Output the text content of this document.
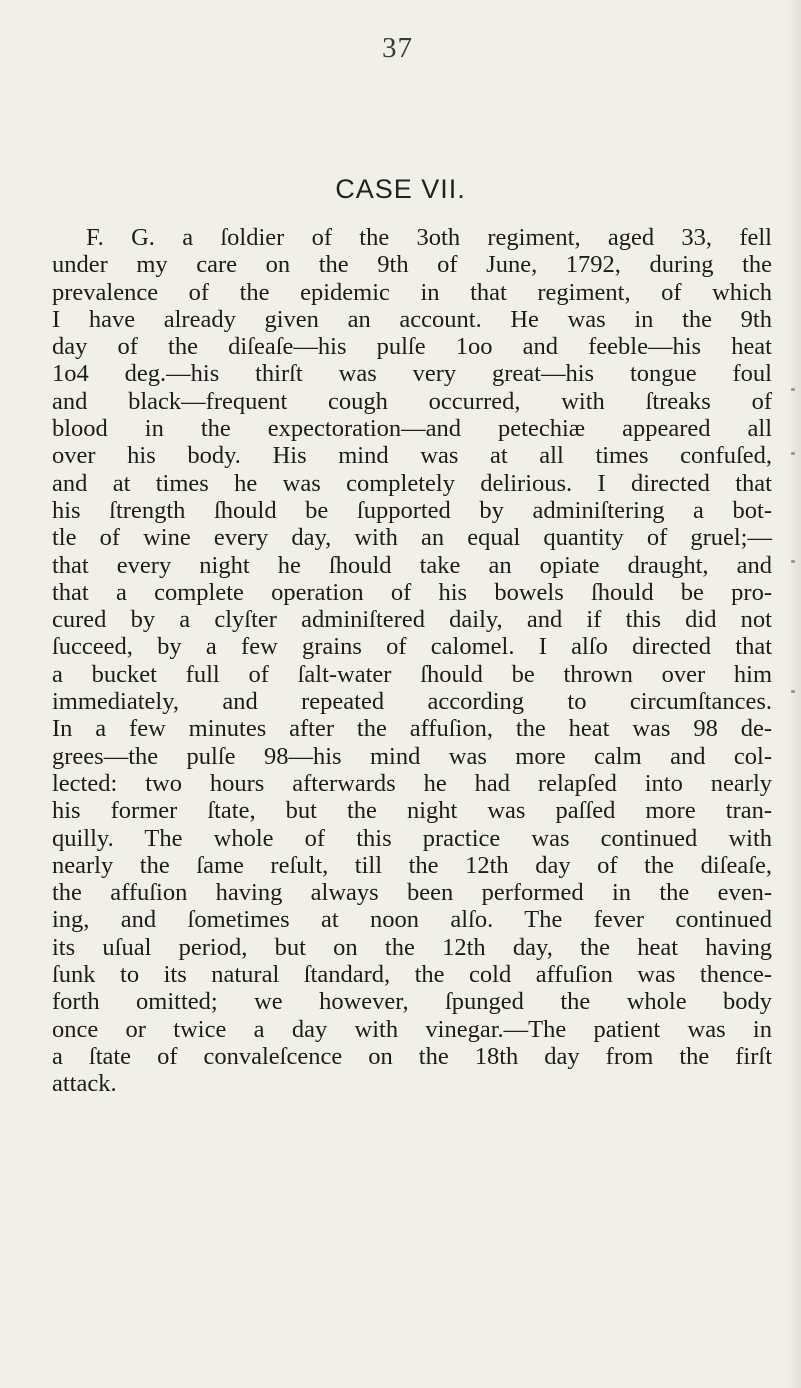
37
CASE VII.
F. G. a ſoldier of the 3oth regiment, aged 33, fell
under my care on the 9th of June, 1792, during the
prevalence of the epidemic in that regiment, of which
I have already given an account. He was in the 9th
day of the diſeaſe—his pulſe 1oo and feeble—his heat
1o4 deg.—his thirſt was very great—his tongue foul
and black—frequent cough occurred, with ſtreaks of
blood in the expectoration—and petechiæ appeared all
over his body. His mind was at all times confuſed,
and at times he was completely delirious. I directed that
his ſtrength ſhould be ſupported by adminiſtering a bot-
tle of wine every day, with an equal quantity of gruel;—
that every night he ſhould take an opiate draught, and
that a complete operation of his bowels ſhould be pro-
cured by a clyſter adminiſtered daily, and if this did not
ſucceed, by a few grains of calomel. I alſo directed that
a bucket full of ſalt-water ſhould be thrown over him
immediately, and repeated according to circumſtances.
In a few minutes after the affuſion, the heat was 98 de-
grees—the pulſe 98—his mind was more calm and col-
lected: two hours afterwards he had relapſed into nearly
his former ſtate, but the night was paſſed more tran-
quilly. The whole of this practice was continued with
nearly the ſame reſult, till the 12th day of the diſeaſe,
the affuſion having always been performed in the even-
ing, and ſometimes at noon alſo. The fever continued
its uſual period, but on the 12th day, the heat having
ſunk to its natural ſtandard, the cold affuſion was thence-
forth omitted; we however, ſpunged the whole body
once or twice a day with vinegar.—The patient was in
a ſtate of convaleſcence on the 18th day from the firſt
attack.
